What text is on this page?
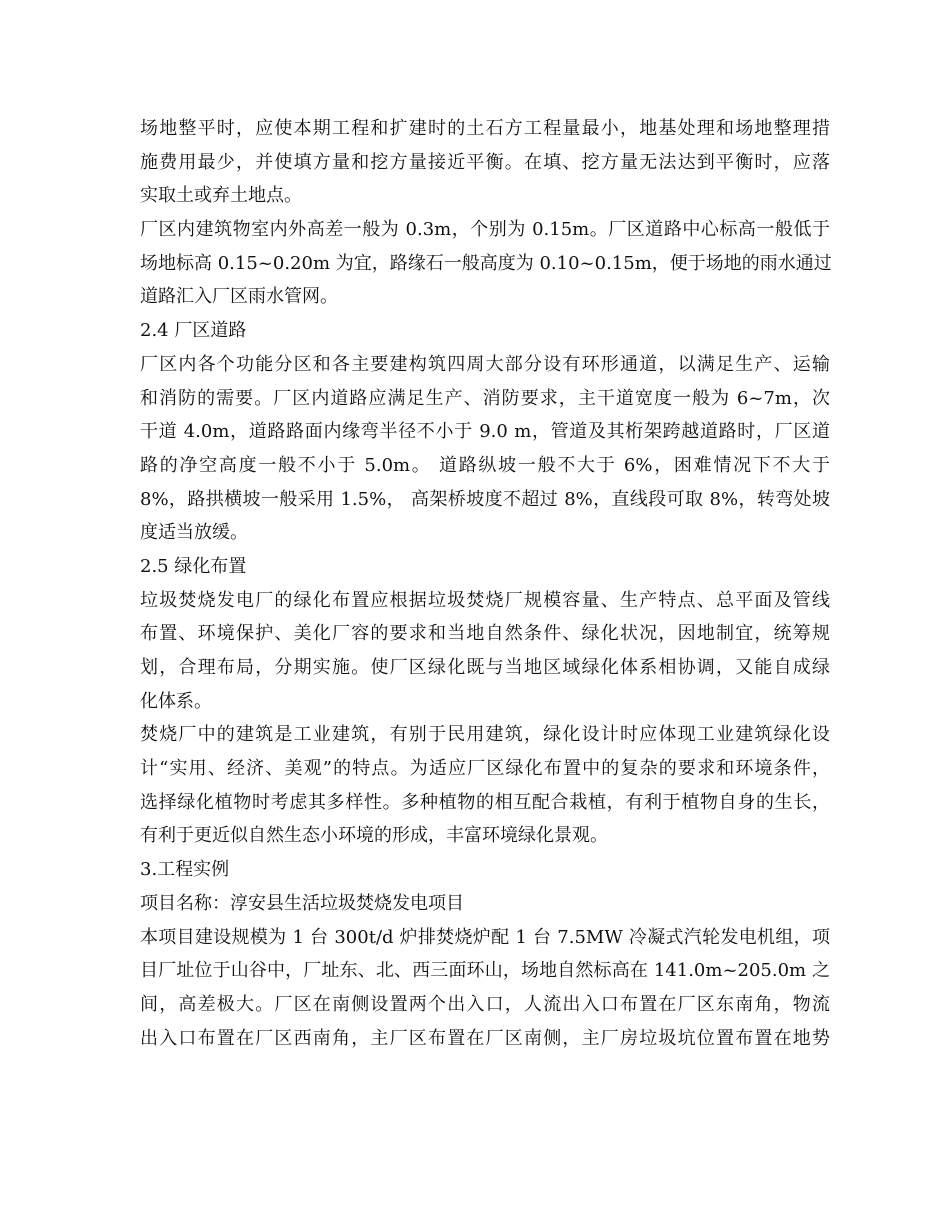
场地整平时，应使本期工程和扩建时的土石方工程量最小，地基处理和场地整理措
施费用最少，并使填方量和挖方量接近平衡。在填、挖方量无法达到平衡时，应落
实取土或弃土地点。
厂区内建筑物室内外高差一般为 0.3m，个别为 0.15m。厂区道路中心标高一般低于
场地标高 0.15~0.20m 为宜，路缘石一般高度为 0.10~0.15m，便于场地的雨水通过
道路汇入厂区雨水管网。
2.4 厂区道路
厂区内各个功能分区和各主要建构筑四周大部分设有环形通道，以满足生产、运输
和消防的需要。厂区内道路应满足生产、消防要求，主干道宽度一般为 6~7m，次
干道 4.0m，道路路面内缘弯半径不小于 9.0 m，管道及其桁架跨越道路时，厂区道
路的净空高度一般不小于 5.0m。 道路纵坡一般不大于 6%，困难情况下不大于
8%，路拱横坡一般采用 1.5%， 高架桥坡度不超过 8%，直线段可取 8%，转弯处坡
度适当放缓。
2.5 绿化布置
垃圾焚烧发电厂的绿化布置应根据垃圾焚烧厂规模容量、生产特点、总平面及管线
布置、环境保护、美化厂容的要求和当地自然条件、绿化状况，因地制宜，统筹规
划，合理布局，分期实施。使厂区绿化既与当地区域绿化体系相协调，又能自成绿
化体系。
焚烧厂中的建筑是工业建筑，有别于民用建筑，绿化设计时应体现工业建筑绿化设
计“实用、经济、美观”的特点。为适应厂区绿化布置中的复杂的要求和环境条件，
选择绿化植物时考虑其多样性。多种植物的相互配合栽植，有利于植物自身的生长，
有利于更近似自然生态小环境的形成，丰富环境绿化景观。
3.工程实例
项目名称：淳安县生活垃圾焚烧发电项目
本项目建设规模为 1 台 300t/d 炉排焚烧炉配 1 台 7.5MW 冷凝式汽轮发电机组，项
目厂址位于山谷中，厂址东、北、西三面环山，场地自然标高在 141.0m~205.0m 之
间，高差极大。厂区在南侧设置两个出入口，人流出入口布置在厂区东南角，物流
出入口布置在厂区西南角，主厂区布置在厂区南侧，主厂房垃圾坑位置布置在地势
